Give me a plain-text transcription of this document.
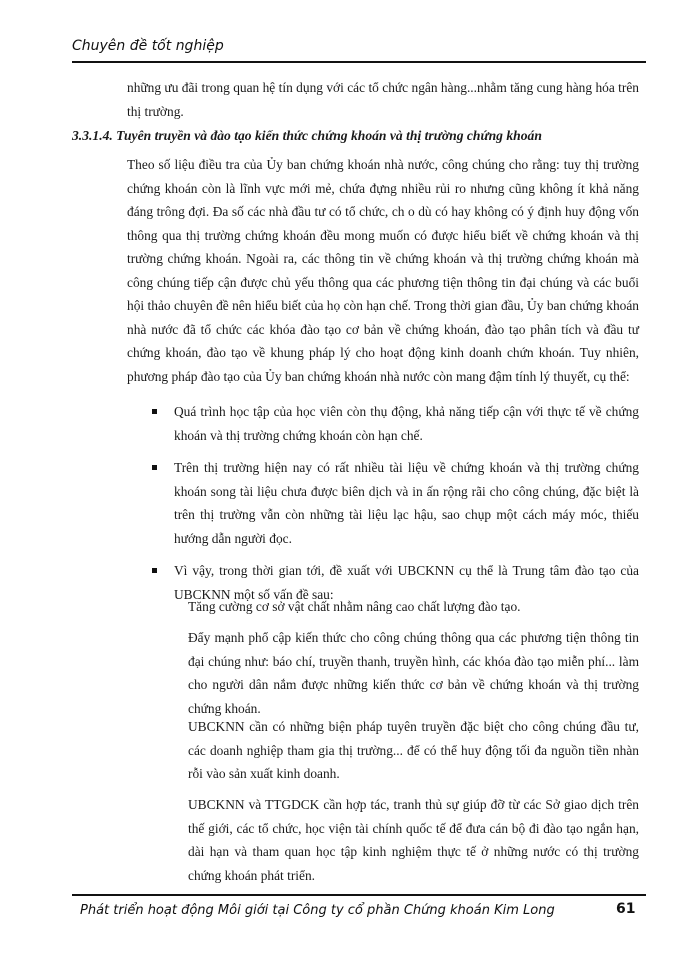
Chuyên đề tốt nghiệp

những ưu đãi trong quan hệ tín dụng với các tổ chức ngân hàng...nhằm tăng cung hàng hóa trên thị trường.

3.3.1.4. Tuyên truyền và đào tạo kiến thức chứng khoán và thị trường chứng khoán

Theo số liệu điều tra của Ủy ban chứng khoán nhà nước, công chúng cho rằng: tuy thị trường chứng khoán còn là lĩnh vực mới mẻ, chứa đựng nhiều rủi ro nhưng cũng không ít khả năng đáng trông đợi. Đa số các nhà đầu tư có tổ chức, ch o dù có hay không có ý định huy động vốn thông qua thị trường chứng khoán đều mong muốn có được hiểu biết về chứng khoán và thị trường chứng khoán. Ngoài ra, các thông tin về chứng khoán và thị trường chứng khoán mà công chúng tiếp cận được chủ yếu thông qua các phương tiện thông tin đại chúng và các buổi hội thảo chuyên đề nên hiểu biết của họ còn hạn chế. Trong thời gian đầu, Ủy ban chứng khoán nhà nước đã tổ chức các khóa đào tạo cơ bản về chứng khoán, đào tạo phân tích và đầu tư chứng khoán, đào tạo về khung pháp lý cho hoạt động kinh doanh chứn khoán. Tuy nhiên, phương pháp đào tạo của Ủy ban chứng khoán nhà nước còn mang đậm tính lý thuyết, cụ thể:

Quá trình học tập của học viên còn thụ động, khả năng tiếp cận với thực tế về chứng khoán và thị trường chứng khoán còn hạn chế.
Trên thị trường hiện nay có rất nhiều tài liệu về chứng khoán và thị trường chứng khoán song tài liệu chưa được biên dịch và in ấn rộng rãi cho công chúng, đặc biệt là trên thị trường vẫn còn những tài liệu lạc hậu, sao chụp một cách máy móc, thiếu hướng dẫn người đọc.
Vì vậy, trong thời gian tới, đề xuất với UBCKNN cụ thể là Trung tâm đào tạo của UBCKNN một số vấn đề sau:

Tăng cường cơ sở vật chất nhằm nâng cao chất lượng đào tạo.

Đẩy mạnh phổ cập kiến thức cho công chúng thông qua các phương tiện thông tin đại chúng như: báo chí, truyền thanh, truyền hình, các khóa đào tạo miễn phí... làm cho người dân nắm được những kiến thức cơ bản về chứng khoán và thị trường chứng khoán.

UBCKNN cần có những biện pháp tuyên truyền đặc biệt cho công chúng đầu tư, các doanh nghiệp tham gia thị trường... để có thể huy động tối đa nguồn tiền nhàn rỗi vào sản xuất kinh doanh.

UBCKNN và TTGDCK cần hợp tác, tranh thủ sự giúp đỡ từ các Sở giao dịch trên thế giới, các tổ chức, học viện tài chính quốc tế để đưa cán bộ đi đào tạo ngắn hạn, dài hạn và tham quan học tập kinh nghiệm thực tế ở những nước có thị trường chứng khoán phát triển.

Phát triển hoạt động Môi giới tại Công ty cổ phần Chứng khoán Kim Long	61
